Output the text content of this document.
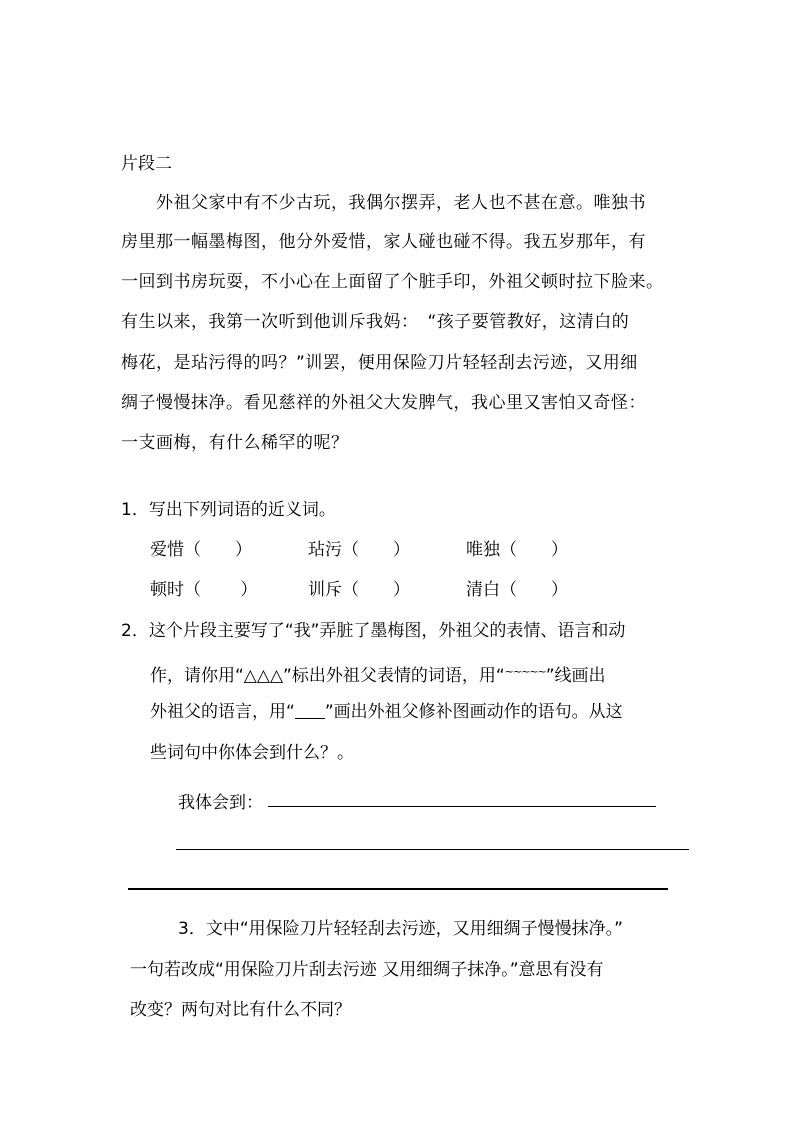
片段二
　　外祖父家中有不少古玩，我偶尔摆弄，老人也不甚在意。唯独书
房里那一幅墨梅图，他分外爱惜，家人碰也碰不得。我五岁那年，有
一回到书房玩耍，不小心在上面留了个脏手印，外祖父顿时拉下脸来。
有生以来，我第一次听到他训斥我妈：　“孩子要管教好，这清白的
梅花，是玷污得的吗？”训罢，便用保险刀片轻轻刮去污迹，又用细
绸子慢慢抹净。看见慈祥的外祖父大发脾气，我心里又害怕又奇怪：
一支画梅，有什么稀罕的呢？
1．写出下列词语的近义词。
爱惜（　　）	玷污（　　）	唯独（　　）
顿时（　　 ）	训斥（　　）	清白（　　）
2．这个片段主要写了“我”弄脏了墨梅图，外祖父的表情、语言和动
作，请你用“△△△”标出外祖父表情的词语，用“~~~~~”线画出
外祖父的语言，用“ ”画出外祖父修补图画动作的语句。从这
些词句中你体会到什么？。
我体会到：
3．文中“用保险刀片轻轻刮去污迹，又用细绸子慢慢抹净。”
一句若改成“用保险刀片刮去污迹 又用细绸子抹净。”意思有没有
改变？两句对比有什么不同？
